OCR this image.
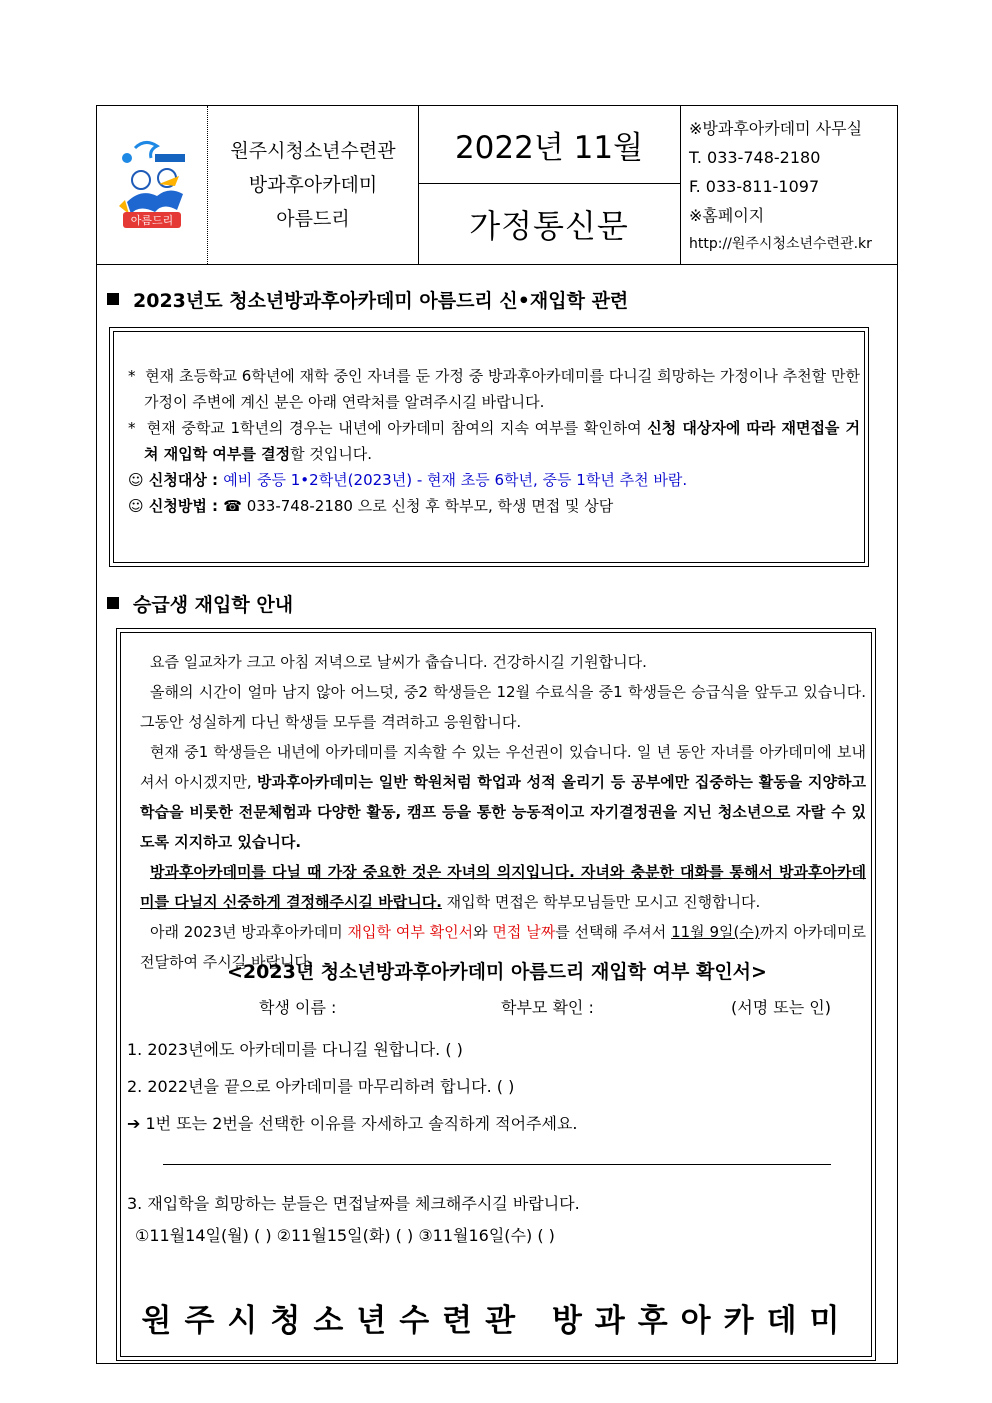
아름드리
원주시청소년수련관
방과후아카데미
아름드리
2022년 11월
가정통신문
※방과후아카데미 사무실
T. 033-748-2180
F. 033-811-1097
※홈페이지
http://원주시청소년수련관.kr
2023년도 청소년방과후아카데미 아름드리 신•재입학 관련
*  현재 초등학교 6학년에 재학 중인 자녀를 둔 가정 중 방과후아카데미를 다니길 희망하는 가정이나 추천할 만한 가정이 주변에 계신 분은 아래 연락처를 알려주시길 바랍니다.
*  현재 중학교 1학년의 경우는 내년에 아카데미 참여의 지속 여부를 확인하여 신청 대상자에 따라 재면접을 거쳐 재입학 여부를 결정할 것입니다.
☺ 신청대상 : 예비 중등 1•2학년(2023년) - 현재 초등 6학년, 중등 1학년 추천 바람.
☺ 신청방법 : ☎ 033-748-2180 으로 신청 후 학부모, 학생 면접 및 상담
승급생 재입학 안내

요즘 일교차가 크고 아침 저녁으로 날씨가 춥습니다. 건강하시길 기원합니다.

올해의 시간이 얼마 남지 않아 어느덧, 중2 학생들은 12월 수료식을 중1 학생들은 승급식을 앞두고 있습니다. 그동안 성실하게 다닌 학생들 모두를 격려하고 응원합니다.

현재 중1 학생들은 내년에 아카데미를 지속할 수 있는 우선권이 있습니다. 일 년 동안 자녀를 아카데미에 보내셔서 아시겠지만, 방과후아카데미는 일반 학원처럼 학업과 성적 올리기 등 공부에만 집중하는 활동을 지양하고 학습을 비롯한 전문체험과 다양한 활동, 캠프 등을 통한 능동적이고 자기결정권을 지닌 청소년으로 자랄 수 있도록 지지하고 있습니다.

방과후아카데미를 다닐 때 가장 중요한 것은 자녀의 의지입니다. 자녀와 충분한 대화를 통해서 방과후아카데미를 다닐지 신중하게 결정해주시길 바랍니다. 재입학 면접은 학부모님들만 모시고 진행합니다.

아래 2023년 방과후아카데미 재입학 여부 확인서와 면접 날짜를 선택해 주셔서 11월 9일(수)까지 아카데미로 전달하여 주시길 바랍니다.

<2023년 청소년방과후아카데미 아름드리 재입학 여부 확인서>
학생 이름 :	학부모 확인 :	(서명 또는 인)
1. 2023년에도 아카데미를 다니길 원합니다. ( )
2. 2022년을 끝으로 아카데미를 마무리하려 합니다. ( )
➔ 1번 또는 2번을 선택한 이유를 자세하고 솔직하게 적어주세요.
3. 재입학을 희망하는 분들은 면접날짜를 체크해주시길 바랍니다.
①11월14일(월) ( ) ②11월15일(화) ( ) ③11월16일(수) ( )
원주시청소년수련관 방과후아카데미
